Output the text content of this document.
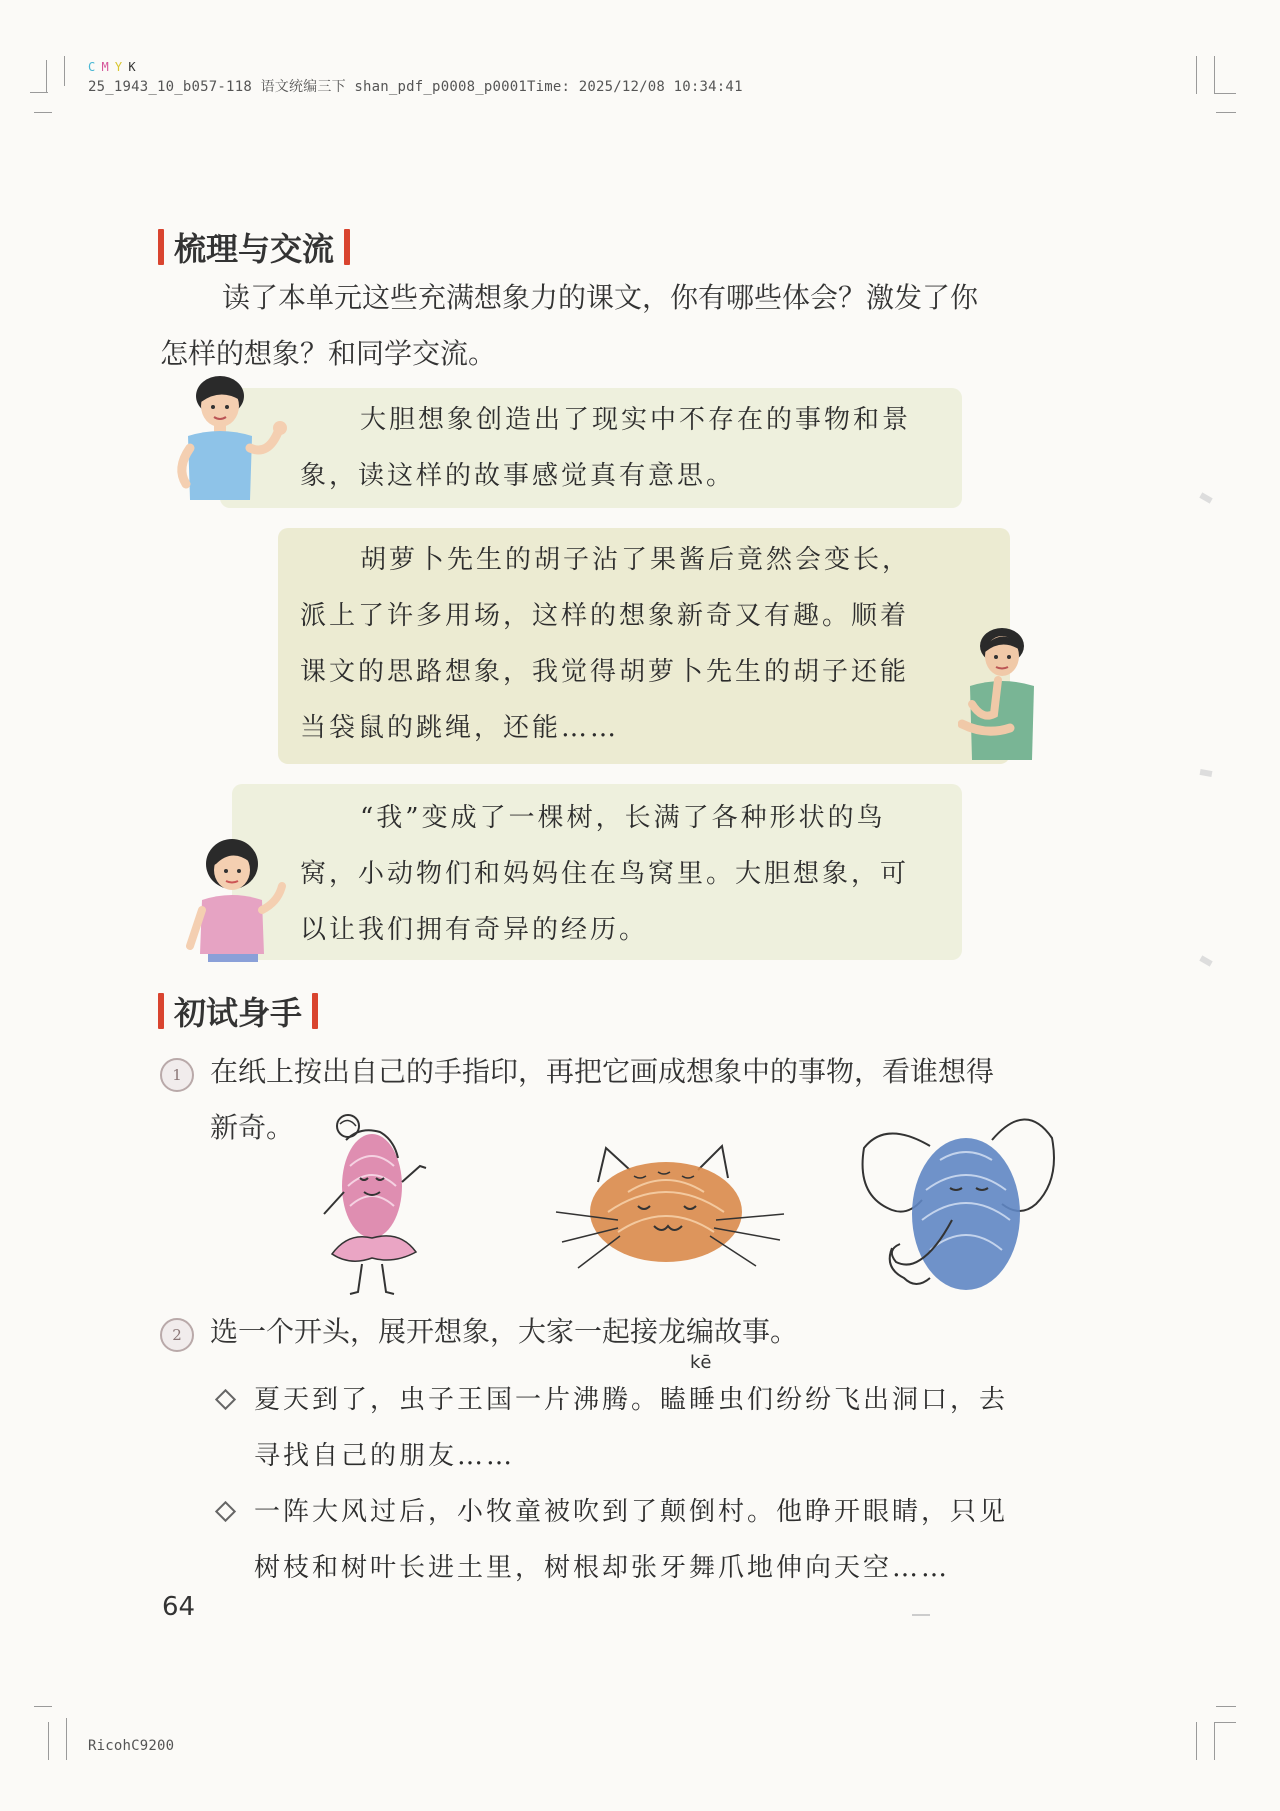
C M Y K
25_1943_10_b057-118 语文统编三下 shan_pdf_p0008_p0001Time: 2025/12/08 10:34:41
RicohC9200
梳理与交流
读了本单元这些充满想象力的课文，你有哪些体会？激发了你
怎样的想象？和同学交流。
大胆想象创造出了现实中不存在的事物和景
象，读这样的故事感觉真有意思。
胡萝卜先生的胡子沾了果酱后竟然会变长，
派上了许多用场，这样的想象新奇又有趣。顺着
课文的思路想象，我觉得胡萝卜先生的胡子还能
当袋鼠的跳绳，还能……
“我”变成了一棵树，长满了各种形状的鸟
窝，小动物们和妈妈住在鸟窝里。大胆想象，可
以让我们拥有奇异的经历。
初试身手
1 在纸上按出自己的手指印，再把它画成想象中的事物，看谁想得
新奇。
2 选一个开头，展开想象，大家一起接龙编故事。
kē
夏天到了，虫子王国一片沸腾。瞌睡虫们纷纷飞出洞口，去
寻找自己的朋友……
一阵大风过后，小牧童被吹到了颠倒村。他睁开眼睛，只见
树枝和树叶长进土里，树根却张牙舞爪地伸向天空……
64
